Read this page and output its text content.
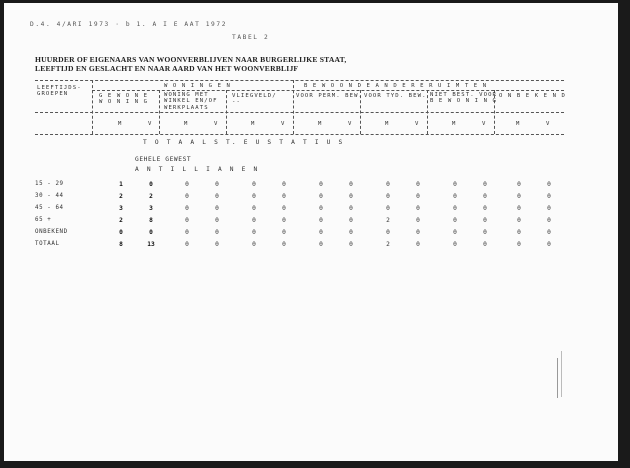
D.4. 4/ARI 1973 · b 1. A I E AAT 1972
TABEL 2
HUURDER OF EIGENAARS VAN WOONVERBLIJVEN NAAR BURGERLIJKE STAAT,
LEEFTIJD EN GESLACHT EN NAAR AARD VAN HET WOONVERBLIJF
LEEFTIJDS-
GROEPEN
W O N I N G E N	B E W O O N D E A N D E R E R U I M T E N
G E W O N E
W O N I N G
WONING MET
WINKEL EN/OF
WERKPLAATS
VLIEGVELD/
--
VOOR PERM. BEW. VOOR TYD. BEW. NIET BEST. VOOR
B E W O N I N G
O N B E K E N D
M	V	M	V	M	V	M	V	M	V	M	V	M	V
T O T A A L S T. E U S T A T I U S
GEHELE GEWEST
A N T I L L I A N E N
15 - 29	1	0	0	0	0	0	0	0	0	0	0	0	0	0
30 - 44	2	2	0	0	0	0	0	0	0	0	0	0	0	0
45 - 64	3	3	0	0	0	0	0	0	0	0	0	0	0	0
65 +	2	8	0	0	0	0	0	0	2	0	0	0	0	0
ONBEKEND	0	0	0	0	0	0	0	0	0	0	0	0	0	0
TOTAAL	8	13	0	0	0	0	0	0	2	0	0	0	0	0
